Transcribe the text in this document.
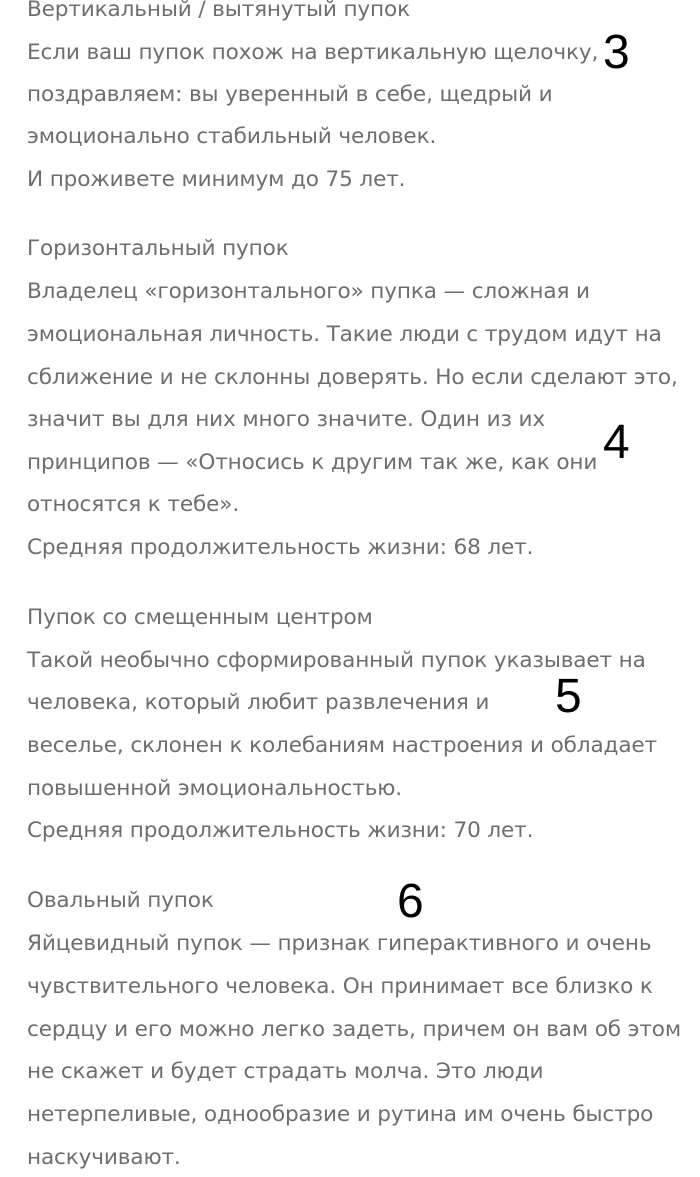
Вертикальный / вытянутый пупок

Если ваш пупок похож на вертикальную щелочку,

поздравляем: вы уверенный в себе, щедрый и

эмоционально стабильный человек.

И проживете минимум до 75 лет.

3

Горизонтальный пупок

Владелец «горизонтального» пупка — сложная и

эмоциональная личность. Такие люди с трудом идут на

сближение и не склонны доверять. Но если сделают это,

значит вы для них много значите. Один из их

принципов — «Относись к другим так же, как они

относятся к тебе».

Средняя продолжительность жизни: 68 лет.

4

Пупок со смещенным центром

Такой необычно сформированный пупок указывает на

человека, который любит развлечения и

веселье, склонен к колебаниям настроения и обладает

повышенной эмоциональностью.

Средняя продолжительность жизни: 70 лет.

5

Овальный пупок

Яйцевидный пупок — признак гиперактивного и очень

чувствительного человека. Он принимает все близко к

сердцу и его можно легко задеть, причем он вам об этом

не скажет и будет страдать молча. Это люди

нетерпеливые, однообразие и рутина им очень быстро

наскучивают.

6
